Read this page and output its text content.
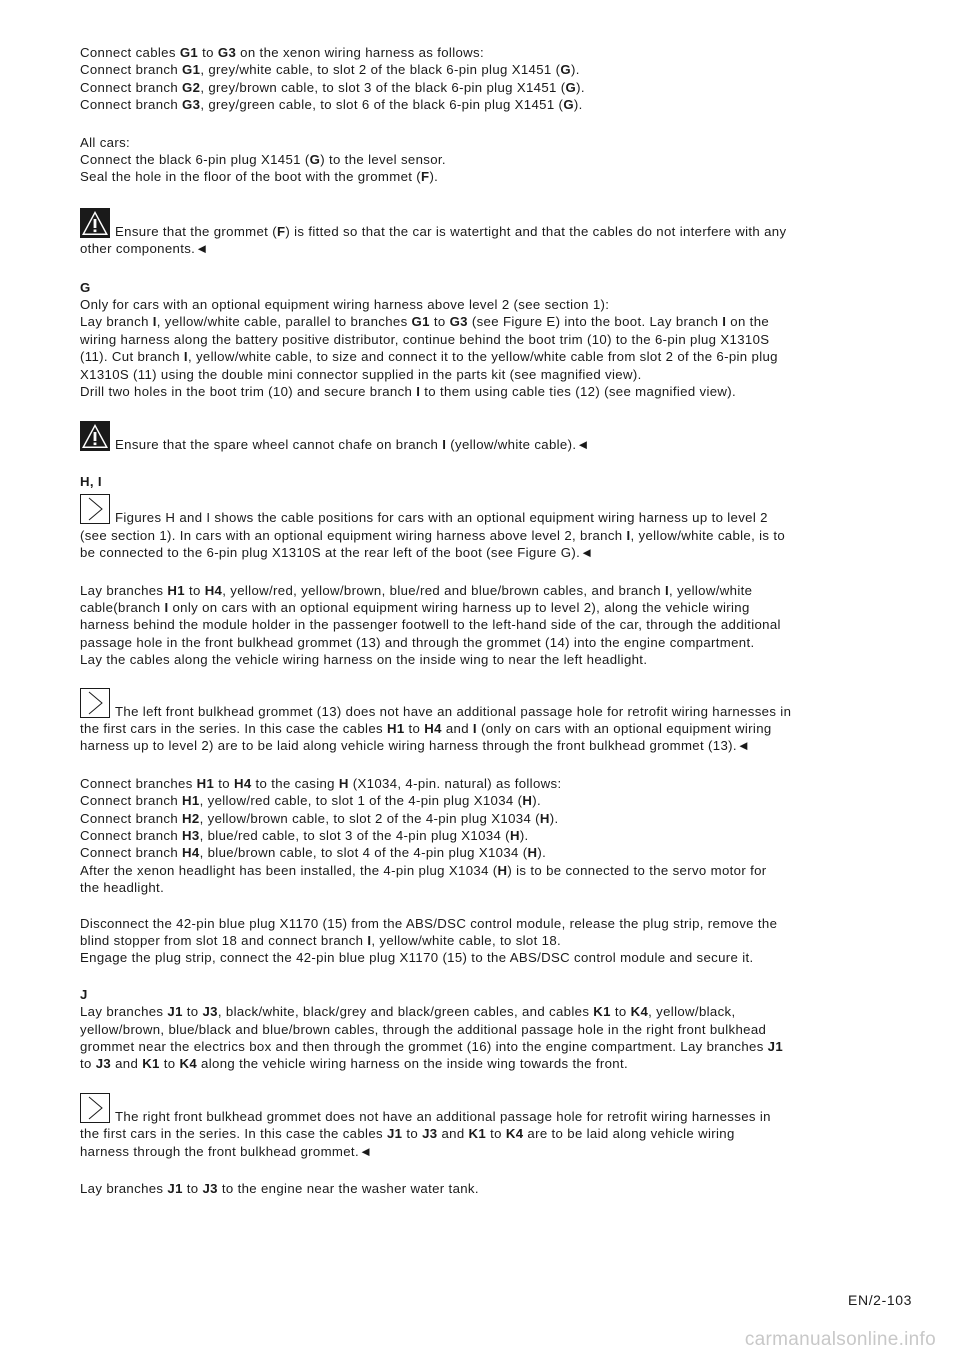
Connect cables G1 to G3 on the xenon wiring harness as follows:
Connect branch G1, grey/white cable, to slot 2 of the black 6-pin plug X1451 (G).
Connect branch G2, grey/brown cable, to slot 3 of the black 6-pin plug X1451 (G).
Connect branch G3, grey/green cable, to slot 6 of the black 6-pin plug X1451 (G).
All cars:
Connect the black 6-pin plug X1451 (G) to the level sensor.
Seal the hole in the floor of the boot with the grommet (F).
Ensure that the grommet (F) is fitted so that the car is watertight and that the cables do not interfere with any
other components.◄
G
Only for cars with an optional equipment wiring harness above level 2 (see section 1):
Lay branch I, yellow/white cable, parallel to branches G1 to G3 (see Figure E) into the boot. Lay branch I on the
wiring harness along the battery positive distributor, continue behind the boot trim (10) to the 6-pin plug X1310S
(11). Cut branch I, yellow/white cable, to size and connect it to the yellow/white cable from slot 2 of the 6-pin plug
X1310S (11) using the double mini connector supplied in the parts kit (see magnified view).
Drill two holes in the boot trim (10) and secure branch I to them using cable ties (12) (see magnified view).
Ensure that the spare wheel cannot chafe on branch I (yellow/white cable).◄
H, I
Figures H and I shows the cable positions for cars with an optional equipment wiring harness up to level 2
(see section 1). In cars with an optional equipment wiring harness above level 2, branch I, yellow/white cable, is to
be connected to the 6-pin plug X1310S at the rear left of the boot (see Figure G).◄
Lay branches H1 to H4, yellow/red, yellow/brown, blue/red and blue/brown cables, and branch I, yellow/white
cable(branch I only on cars with an optional equipment wiring harness up to level 2), along the vehicle wiring
harness behind the module holder in the passenger footwell to the left-hand side of the car, through the additional
passage hole in the front bulkhead grommet (13) and through the grommet (14) into the engine compartment.
Lay the cables along the vehicle wiring harness on the inside wing to near the left headlight.
The left front bulkhead grommet (13) does not have an additional passage hole for retrofit wiring harnesses in
the first cars in the series. In this case the cables H1 to H4 and I (only on cars with an optional equipment wiring
harness up to level 2) are to be laid along vehicle wiring harness through the front bulkhead grommet (13).◄
Connect branches H1 to H4 to the casing H (X1034, 4-pin. natural) as follows:
Connect branch H1, yellow/red cable, to slot 1 of the 4-pin plug X1034 (H).
Connect branch H2, yellow/brown cable, to slot 2 of the 4-pin plug X1034 (H).
Connect branch H3, blue/red cable, to slot 3 of the 4-pin plug X1034 (H).
Connect branch H4, blue/brown cable, to slot 4 of the 4-pin plug X1034 (H).
After the xenon headlight has been installed, the 4-pin plug X1034 (H) is to be connected to the servo motor for
the headlight.
Disconnect the 42-pin blue plug X1170 (15) from the ABS/DSC control module, release the plug strip, remove the
blind stopper from slot 18 and connect branch I, yellow/white cable, to slot 18.
Engage the plug strip, connect the 42-pin blue plug X1170 (15) to the ABS/DSC control module and secure it.
J
Lay branches J1 to J3, black/white, black/grey and black/green cables, and cables K1 to K4, yellow/black,
yellow/brown, blue/black and blue/brown cables, through the additional passage hole in the right front bulkhead
grommet near the electrics box and then through the grommet (16) into the engine compartment. Lay branches J1
to J3 and K1 to K4 along the vehicle wiring harness on the inside wing towards the front.
The right front bulkhead grommet does not have an additional passage hole for retrofit wiring harnesses in
the first cars in the series. In this case the cables J1 to J3 and K1 to K4 are to be laid along vehicle wiring
harness through the front bulkhead grommet.◄
Lay branches J1 to J3 to the engine near the washer water tank.
EN/2-103
carmanualsonline.info
